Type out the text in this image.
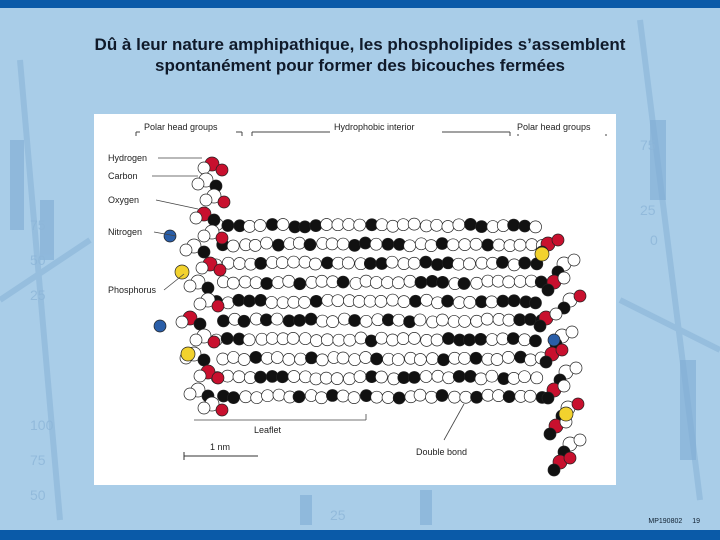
75
50
25
25
75
0
100
75
50
25
Dû à leur nature amphipathique, les phospholipides s’assemblent
spontanément pour former des bicouches fermées
Polar head groups	Hydrophobic interior	Polar head groups
Hydrogen
Carbon
Oxygen
Nitrogen
Phosphorus
Leaflet
1 nm	Double bond
MP190802 19
